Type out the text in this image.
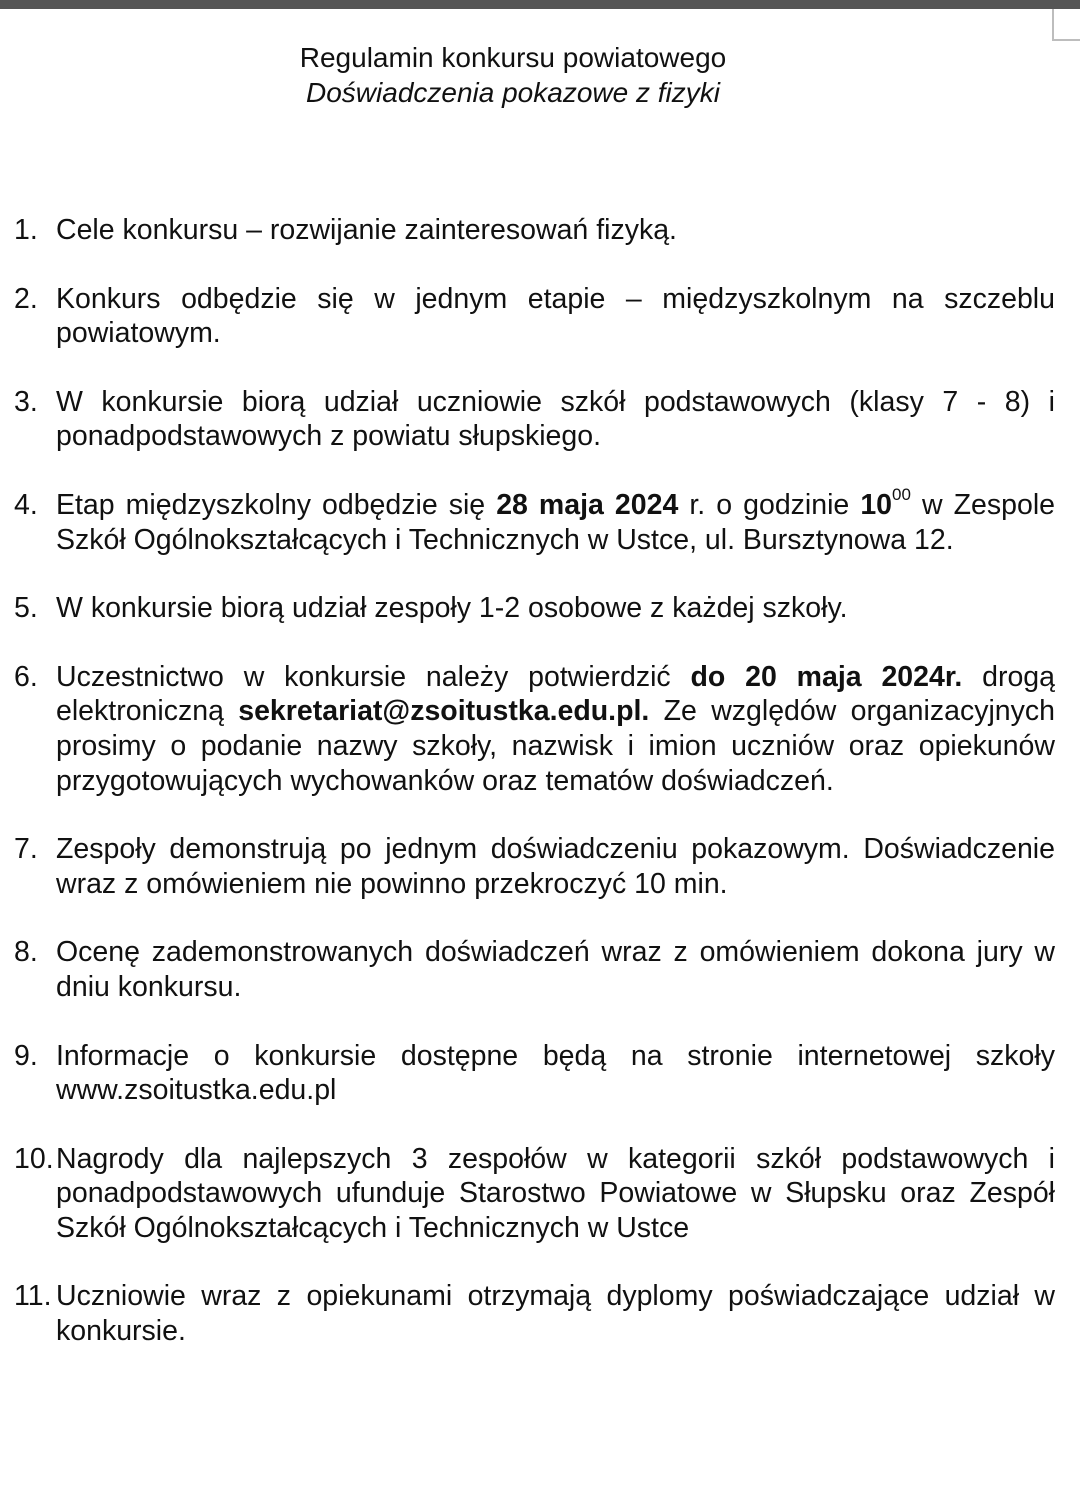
Regulamin konkursu powiatowego
Doświadczenia pokazowe z fizyki
1. Cele konkursu – rozwijanie zainteresowań fizyką.
2. Konkurs odbędzie się w jednym etapie – międzyszkolnym na szczeblu powiatowym.
3. W konkursie biorą udział uczniowie szkół podstawowych (klasy 7 - 8) i ponadpodstawowych z powiatu słupskiego.
4. Etap międzyszkolny odbędzie się 28 maja 2024 r. o godzinie $10^{00}$ w Zespole Szkół Ogólnokształcących i Technicznych w Ustce, ul. Bursztynowa 12.
5. W konkursie biorą udział zespoły 1-2 osobowe z każdej szkoły.
6. Uczestnictwo w konkursie należy potwierdzić do 20 maja 2024r. drogą elektroniczną sekretariat@zsoitustka.edu.pl. Ze względów organizacyjnych prosimy o podanie nazwy szkoły, nazwisk i imion uczniów oraz opiekunów przygotowujących wychowanków oraz tematów doświadczeń.
7. Zespoły demonstrują po jednym doświadczeniu pokazowym. Doświadczenie wraz z omówieniem nie powinno przekroczyć 10 min.
8. Ocenę zademonstrowanych doświadczeń wraz z omówieniem dokona jury w dniu konkursu.
9. Informacje o konkursie dostępne będą na stronie internetowej szkoły www.zsoitustka.edu.pl
10. Nagrody dla najlepszych 3 zespołów w kategorii szkół podstawowych i ponadpodstawowych ufunduje Starostwo Powiatowe w Słupsku oraz Zespół Szkół Ogólnokształcących i Technicznych w Ustce
11. Uczniowie wraz z opiekunami otrzymają dyplomy poświadczające udział w konkursie.
